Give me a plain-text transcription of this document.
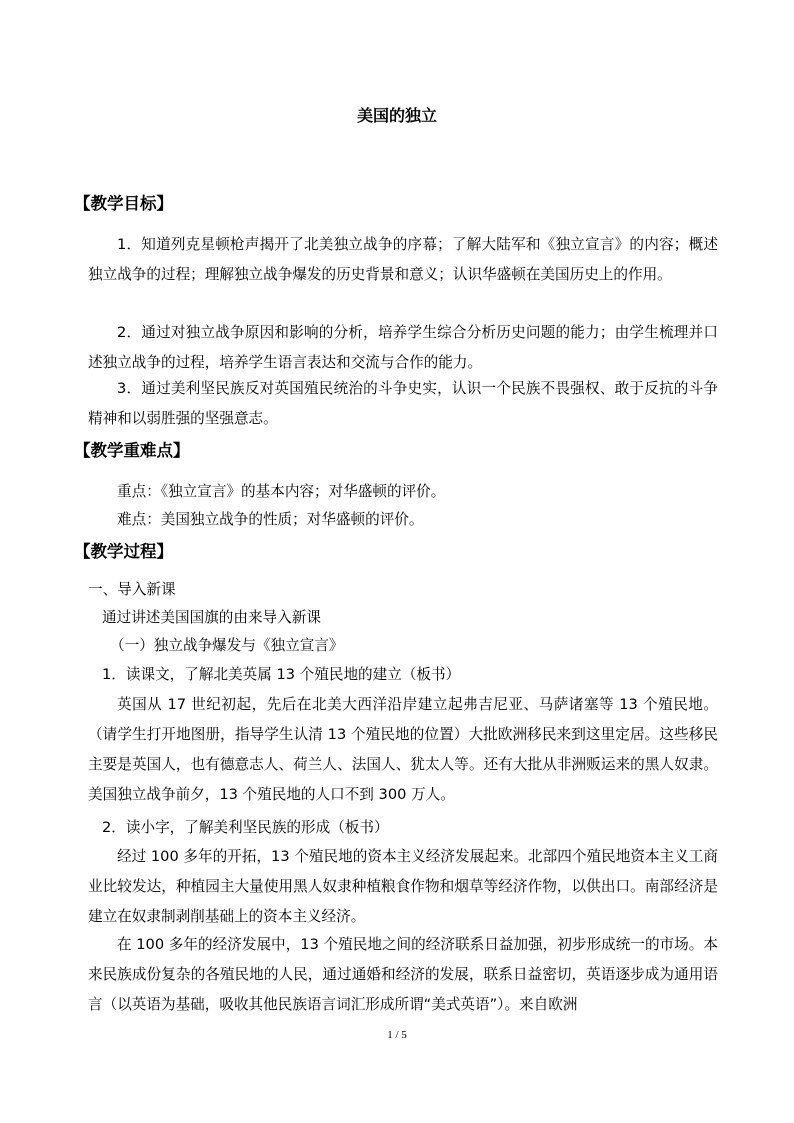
美国的独立
【教学目标】
1．知道列克星顿枪声揭开了北美独立战争的序幕；了解大陆军和《独立宣言》的内容；概述独立战争的过程；理解独立战争爆发的历史背景和意义；认识华盛顿在美国历史上的作用。
2．通过对独立战争原因和影响的分析，培养学生综合分析历史问题的能力；由学生梳理并口述独立战争的过程，培养学生语言表达和交流与合作的能力。
3．通过美利坚民族反对英国殖民统治的斗争史实，认识一个民族不畏强权、敢于反抗的斗争精神和以弱胜强的坚强意志。
【教学重难点】
重点：《独立宣言》的基本内容；对华盛顿的评价。
难点：美国独立战争的性质；对华盛顿的评价。
【教学过程】
一、导入新课
通过讲述美国国旗的由来导入新课
（一）独立战争爆发与《独立宣言》
1．读课文，了解北美英属 13 个殖民地的建立（板书）
英国从 17 世纪初起，先后在北美大西洋沿岸建立起弗吉尼亚、马萨诸塞等 13 个殖民地。（请学生打开地图册，指导学生认清 13 个殖民地的位置）大批欧洲移民来到这里定居。这些移民主要是英国人，也有德意志人、荷兰人、法国人、犹太人等。还有大批从非洲贩运来的黑人奴隶。美国独立战争前夕，13 个殖民地的人口不到 300 万人。
2．读小字，了解美利坚民族的形成（板书）
经过 100 多年的开拓，13 个殖民地的资本主义经济发展起来。北部四个殖民地资本主义工商业比较发达，种植园主大量使用黑人奴隶种植粮食作物和烟草等经济作物，以供出口。南部经济是建立在奴隶制剥削基础上的资本主义经济。
在 100 多年的经济发展中，13 个殖民地之间的经济联系日益加强，初步形成统一的市场。本来民族成份复杂的各殖民地的人民，通过通婚和经济的发展，联系日益密切，英语逐步成为通用语言（以英语为基础，吸收其他民族语言词汇形成所谓“美式英语”）。来自欧洲
1 / 5
